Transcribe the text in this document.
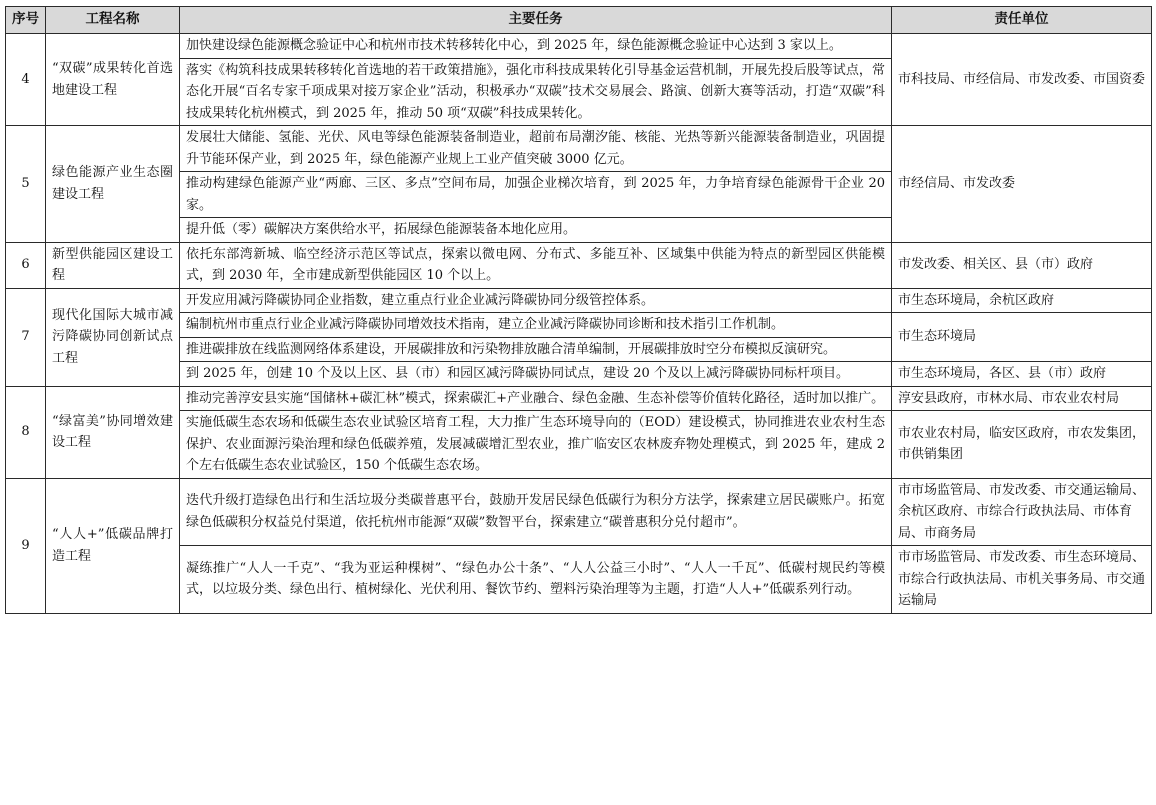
序号	工程名称	主要任务	责任单位
4	“双碳”成果转化首选地建设工程	加快建设绿色能源概念验证中心和杭州市技术转移转化中心，到 2025 年，绿色能源概念验证中心达到 3 家以上。	市科技局、市经信局、市发改委、市国资委
		落实《构筑科技成果转移转化首选地的若干政策措施》，强化市科技成果转化引导基金运营机制，开展先投后股等试点，常态化开展“百名专家千项成果对接万家企业”活动，积极承办“双碳”技术交易展会、路演、创新大赛等活动，打造“双碳”科技成果转化杭州模式，到 2025 年，推动 50 项“双碳”科技成果转化。	
5	绿色能源产业生态圈建设工程	发展壮大储能、氢能、光伏、风电等绿色能源装备制造业，超前布局潮汐能、核能、光热等新兴能源装备制造业，巩固提升节能环保产业，到 2025 年，绿色能源产业规上工业产值突破 3000 亿元。	市经信局、市发改委
		推动构建绿色能源产业“两廊、三区、多点”空间布局，加强企业梯次培育，到 2025 年，力争培育绿色能源骨干企业 20 家。	
		提升低（零）碳解决方案供给水平，拓展绿色能源装备本地化应用。	
6	新型供能园区建设工程	依托东部湾新城、临空经济示范区等试点，探索以微电网、分布式、多能互补、区域集中供能为特点的新型园区供能模式，到 2030 年，全市建成新型供能园区 10 个以上。	市发改委、相关区、县（市）政府
7	现代化国际大城市减污降碳协同创新试点工程	开发应用减污降碳协同企业指数，建立重点行业企业减污降碳协同分级管控体系。	市生态环境局，余杭区政府
		编制杭州市重点行业企业减污降碳协同增效技术指南，建立企业减污降碳协同诊断和技术指引工作机制。	市生态环境局
		推进碳排放在线监测网络体系建设，开展碳排放和污染物排放融合清单编制，开展碳排放时空分布模拟反演研究。	
		到 2025 年，创建 10 个及以上区、县（市）和园区减污降碳协同试点，建设 20 个及以上减污降碳协同标杆项目。	市生态环境局，各区、县（市）政府
8	“绿富美”协同增效建设工程	推动完善淳安县实施“国储林+碳汇林”模式，探索碳汇+产业融合、绿色金融、生态补偿等价值转化路径，适时加以推广。	淳安县政府，市林水局、市农业农村局
		实施低碳生态农场和低碳生态农业试验区培育工程，大力推广生态环境导向的（EOD）建设模式，协同推进农业农村生态保护、农业面源污染治理和绿色低碳养殖，发展减碳增汇型农业，推广临安区农林废弃物处理模式，到 2025 年，建成 2 个左右低碳生态农业试验区，150 个低碳生态农场。	市农业农村局，临安区政府，市农发集团，市供销集团
9	“人人+”低碳品牌打造工程	迭代升级打造绿色出行和生活垃圾分类碳普惠平台，鼓励开发居民绿色低碳行为积分方法学，探索建立居民碳账户。拓宽绿色低碳积分权益兑付渠道，依托杭州市能源“双碳”数智平台，探索建立“碳普惠积分兑付超市”。	市市场监管局、市发改委、市交通运输局、余杭区政府、市综合行政执法局、市体育局、市商务局
		凝练推广“人人一千克”、“我为亚运种棵树”、“绿色办公十条”、“人人公益三小时”、“人人一千瓦”、低碳村规民约等模式，以垃圾分类、绿色出行、植树绿化、光伏利用、餐饮节约、塑料污染治理等为主题，打造“人人+”低碳系列行动。	市市场监管局、市发改委、市生态环境局、市综合行政执法局、市机关事务局、市交通运输局
